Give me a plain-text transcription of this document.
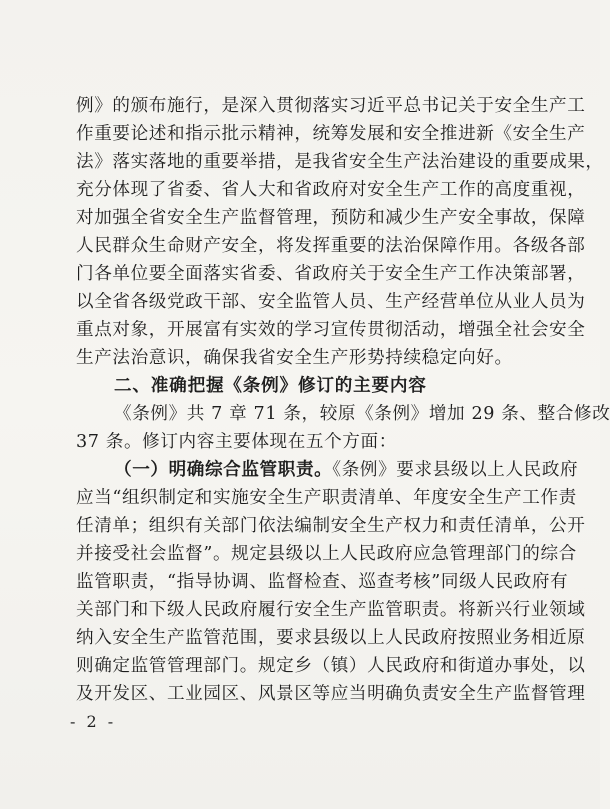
例》的颁布施行，是深入贯彻落实习近平总书记关于安全生产工
作重要论述和指示批示精神，统筹发展和安全推进新《安全生产
法》落实落地的重要举措，是我省安全生产法治建设的重要成果，
充分体现了省委、省人大和省政府对安全生产工作的高度重视，
对加强全省安全生产监督管理，预防和减少生产安全事故，保障
人民群众生命财产安全，将发挥重要的法治保障作用。各级各部
门各单位要全面落实省委、省政府关于安全生产工作决策部署，
以全省各级党政干部、安全监管人员、生产经营单位从业人员为
重点对象，开展富有实效的学习宣传贯彻活动，增强全社会安全
生产法治意识，确保我省安全生产形势持续稳定向好。
二、准确把握《条例》修订的主要内容
《条例》共 7 章 71 条，较原《条例》增加 29 条、整合修改
37 条。修订内容主要体现在五个方面：
（一）明确综合监管职责。《条例》要求县级以上人民政府
应当“组织制定和实施安全生产职责清单、年度安全生产工作责
任清单；组织有关部门依法编制安全生产权力和责任清单，公开
并接受社会监督”。规定县级以上人民政府应急管理部门的综合
监管职责，“指导协调、监督检查、巡查考核”同级人民政府有
关部门和下级人民政府履行安全生产监管职责。将新兴行业领域
纳入安全生产监管范围，要求县级以上人民政府按照业务相近原
则确定监管管理部门。规定乡（镇）人民政府和街道办事处，以
及开发区、工业园区、风景区等应当明确负责安全生产监督管理
- 2 -
